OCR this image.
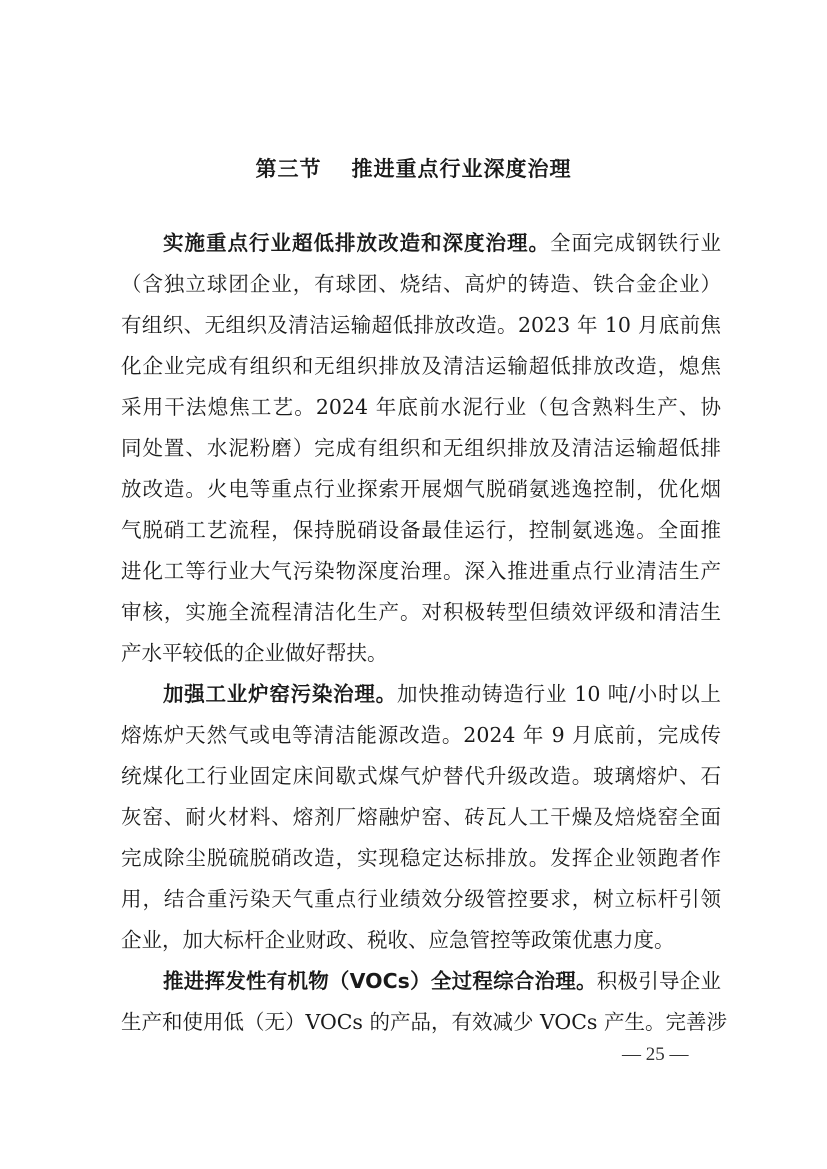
第三节 推进重点行业深度治理
实施重点行业超低排放改造和深度治理。全面完成钢铁行业
（含独立球团企业，有球团、烧结、高炉的铸造、铁合金企业）
有组织、无组织及清洁运输超低排放改造。2023 年 10 月底前焦
化企业完成有组织和无组织排放及清洁运输超低排放改造，熄焦
采用干法熄焦工艺。2024 年底前水泥行业（包含熟料生产、协
同处置、水泥粉磨）完成有组织和无组织排放及清洁运输超低排
放改造。火电等重点行业探索开展烟气脱硝氨逃逸控制，优化烟
气脱硝工艺流程，保持脱硝设备最佳运行，控制氨逃逸。全面推
进化工等行业大气污染物深度治理。深入推进重点行业清洁生产
审核，实施全流程清洁化生产。对积极转型但绩效评级和清洁生
产水平较低的企业做好帮扶。
加强工业炉窑污染治理。加快推动铸造行业 10 吨/小时以上
熔炼炉天然气或电等清洁能源改造。2024 年 9 月底前，完成传
统煤化工行业固定床间歇式煤气炉替代升级改造。玻璃熔炉、石
灰窑、耐火材料、熔剂厂熔融炉窑、砖瓦人工干燥及焙烧窑全面
完成除尘脱硫脱硝改造，实现稳定达标排放。发挥企业领跑者作
用，结合重污染天气重点行业绩效分级管控要求，树立标杆引领
企业，加大标杆企业财政、税收、应急管控等政策优惠力度。
推进挥发性有机物（VOCs）全过程综合治理。积极引导企业
生产和使用低（无）VOCs 的产品，有效减少 VOCs 产生。完善涉
— 25 —
